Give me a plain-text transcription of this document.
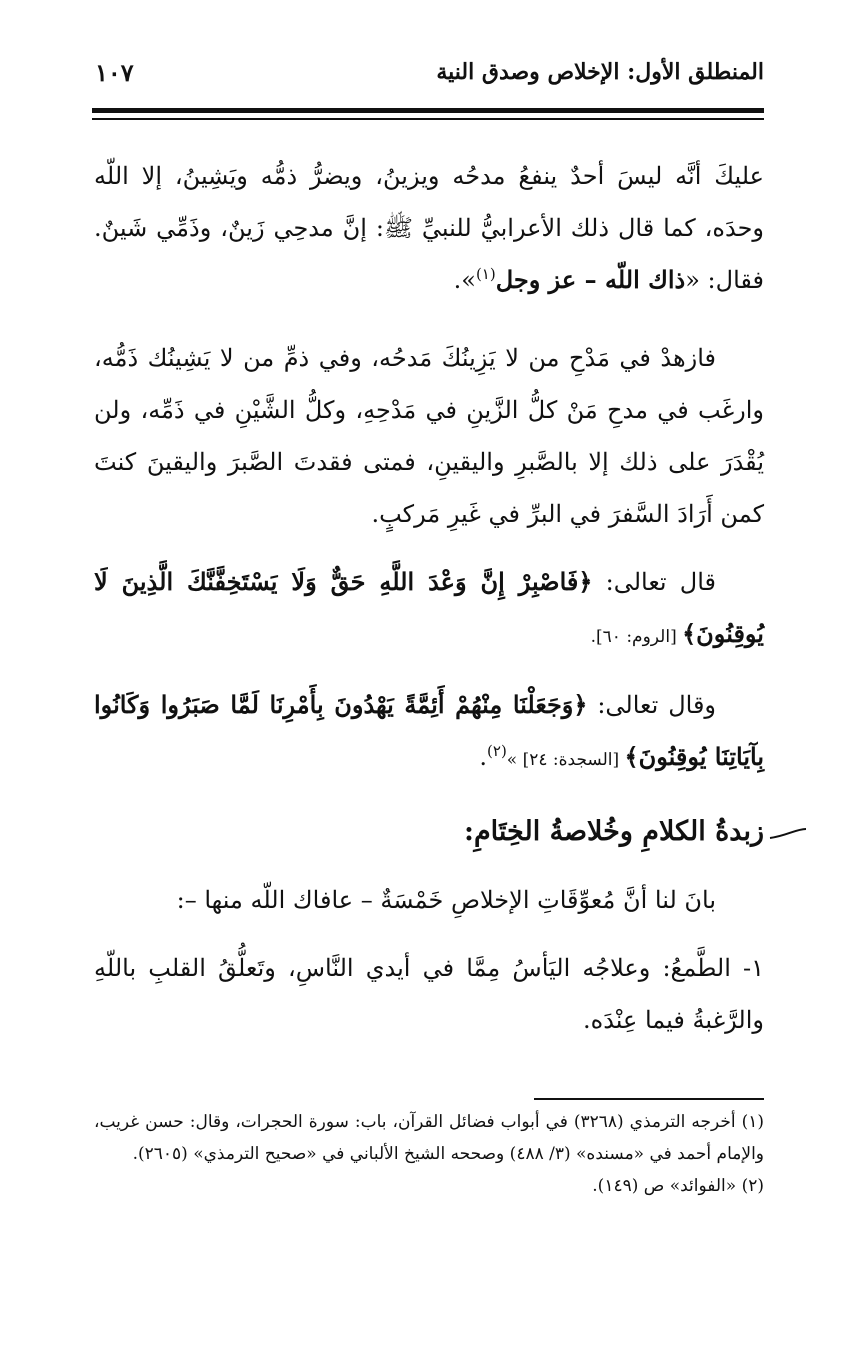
المنطلق الأول: الإخلاص وصدق النية
١٠٧

عليكَ أنَّه ليسَ أحدٌ ينفعُ مدحُه ويزينُ، ويضرُّ ذمُّه ويَشِينُ، إلا اللّه وحدَه، كما قال ذلك الأعرابيُّ للنبيِّ ﷺ: إنَّ مدحِي زَينٌ، وذَمِّي شَينٌ. فقال: «ذاك اللّه – عز وجل$^{(١)}$».

فازهدْ في مَدْحِ من لا يَزِينُكَ مَدحُه، وفي ذمِّ من لا يَشِينُك ذَمُّه، وارغَب في مدحِ مَنْ كلُّ الزَّينِ في مَدْحِهِ، وكلُّ الشَّيْنِ في ذَمِّه، ولن يُقْدَرَ على ذلك إلا بالصَّبرِ واليقينِ، فمتى فقدتَ الصَّبرَ واليقينَ كنتَ كمن أَرَادَ السَّفرَ في البرِّ في غَيرِ مَركبٍ.

قال تعالى: ﴿فَاصْبِرْ إِنَّ وَعْدَ اللَّهِ حَقٌّ وَلَا يَسْتَخِفَّنَّكَ الَّذِينَ لَا يُوقِنُونَ﴾ [الروم: ٦٠].

وقال تعالى: ﴿وَجَعَلْنَا مِنْهُمْ أَئِمَّةً يَهْدُونَ بِأَمْرِنَا لَمَّا صَبَرُوا وَكَانُوا بِآيَاتِنَا يُوقِنُونَ﴾ [السجدة: ٢٤] »$^{(٢)}$.

زبدةُ الكلامِ وخُلاصةُ الخِتَامِ:

بانَ لنا أنَّ مُعوِّقَاتِ الإخلاصِ خَمْسَةٌ – عافاك اللّه منها –:

١- الطَّمعُ: وعلاجُه اليَأسُ مِمَّا في أيدي النَّاسِ، وتَعلُّقُ القلبِ باللّهِ والرَّغبةُ فيما عِنْدَه.

(١) أخرجه الترمذي (٣٢٦٨) في أبواب فضائل القرآن، باب: سورة الحجرات، وقال: حسن غريب، والإمام أحمد في «مسنده» (٣/ ٤٨٨) وصححه الشيخ الألباني في «صحيح الترمذي» (٢٦٠٥).

(٢) «الفوائد» ص (١٤٩).
